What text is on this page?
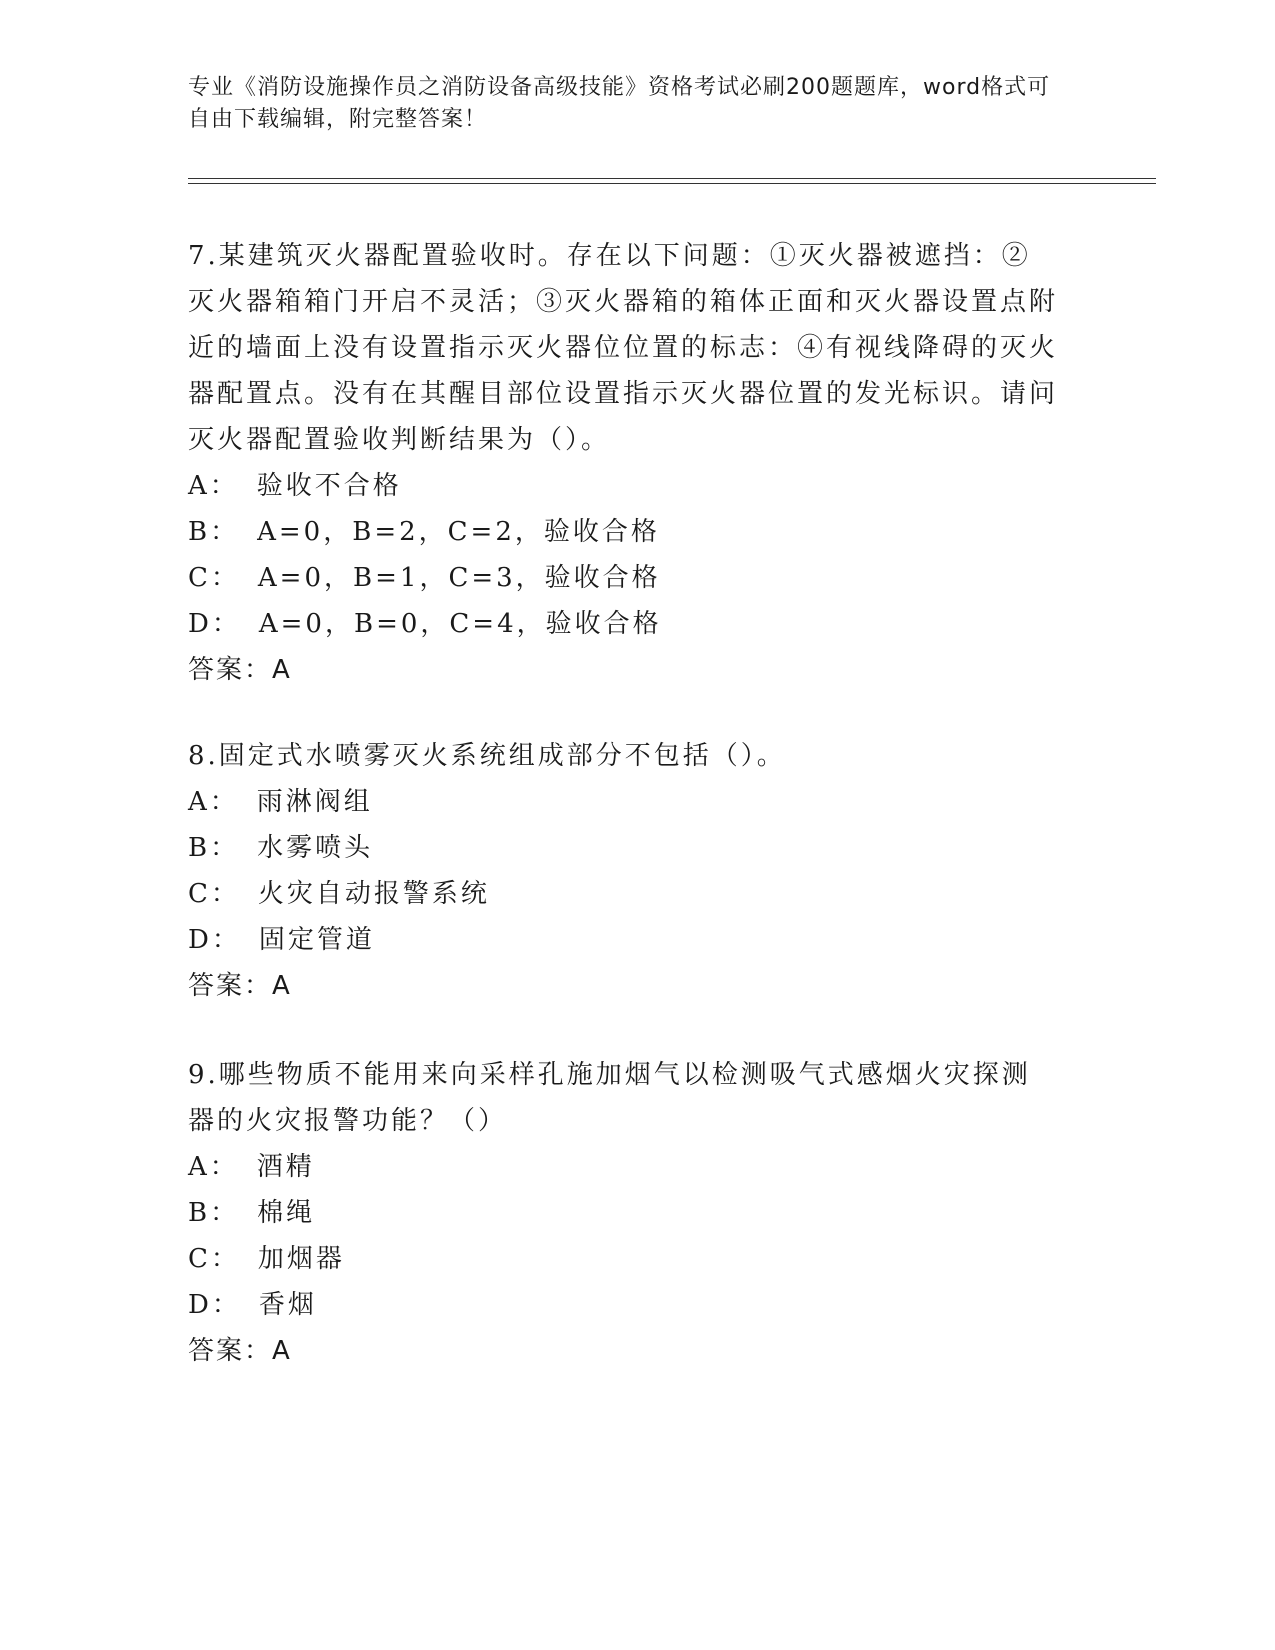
专业《消防设施操作员之消防设备高级技能》资格考试必刷200题题库，word格式可自由下载编辑，附完整答案！
7.某建筑灭火器配置验收时。存在以下问题：①灭火器被遮挡：②灭火器箱箱门开启不灵活；③灭火器箱的箱体正面和灭火器设置点附近的墙面上没有设置指示灭火器位位置的标志：④有视线降碍的灭火器配置点。没有在其醒目部位设置指示灭火器位置的发光标识。请问灭火器配置验收判断结果为（）。
A： 验收不合格
B： A=0，B=2，C=2，验收合格
C： A=0，B=1，C=3，验收合格
D： A=0，B=0，C=4，验收合格
答案：A
8.固定式水喷雾灭火系统组成部分不包括（）。
A： 雨淋阀组
B： 水雾喷头
C： 火灾自动报警系统
D： 固定管道
答案：A
9.哪些物质不能用来向采样孔施加烟气以检测吸气式感烟火灾探测器的火灾报警功能？（）
A： 酒精
B： 棉绳
C： 加烟器
D： 香烟
答案：A
